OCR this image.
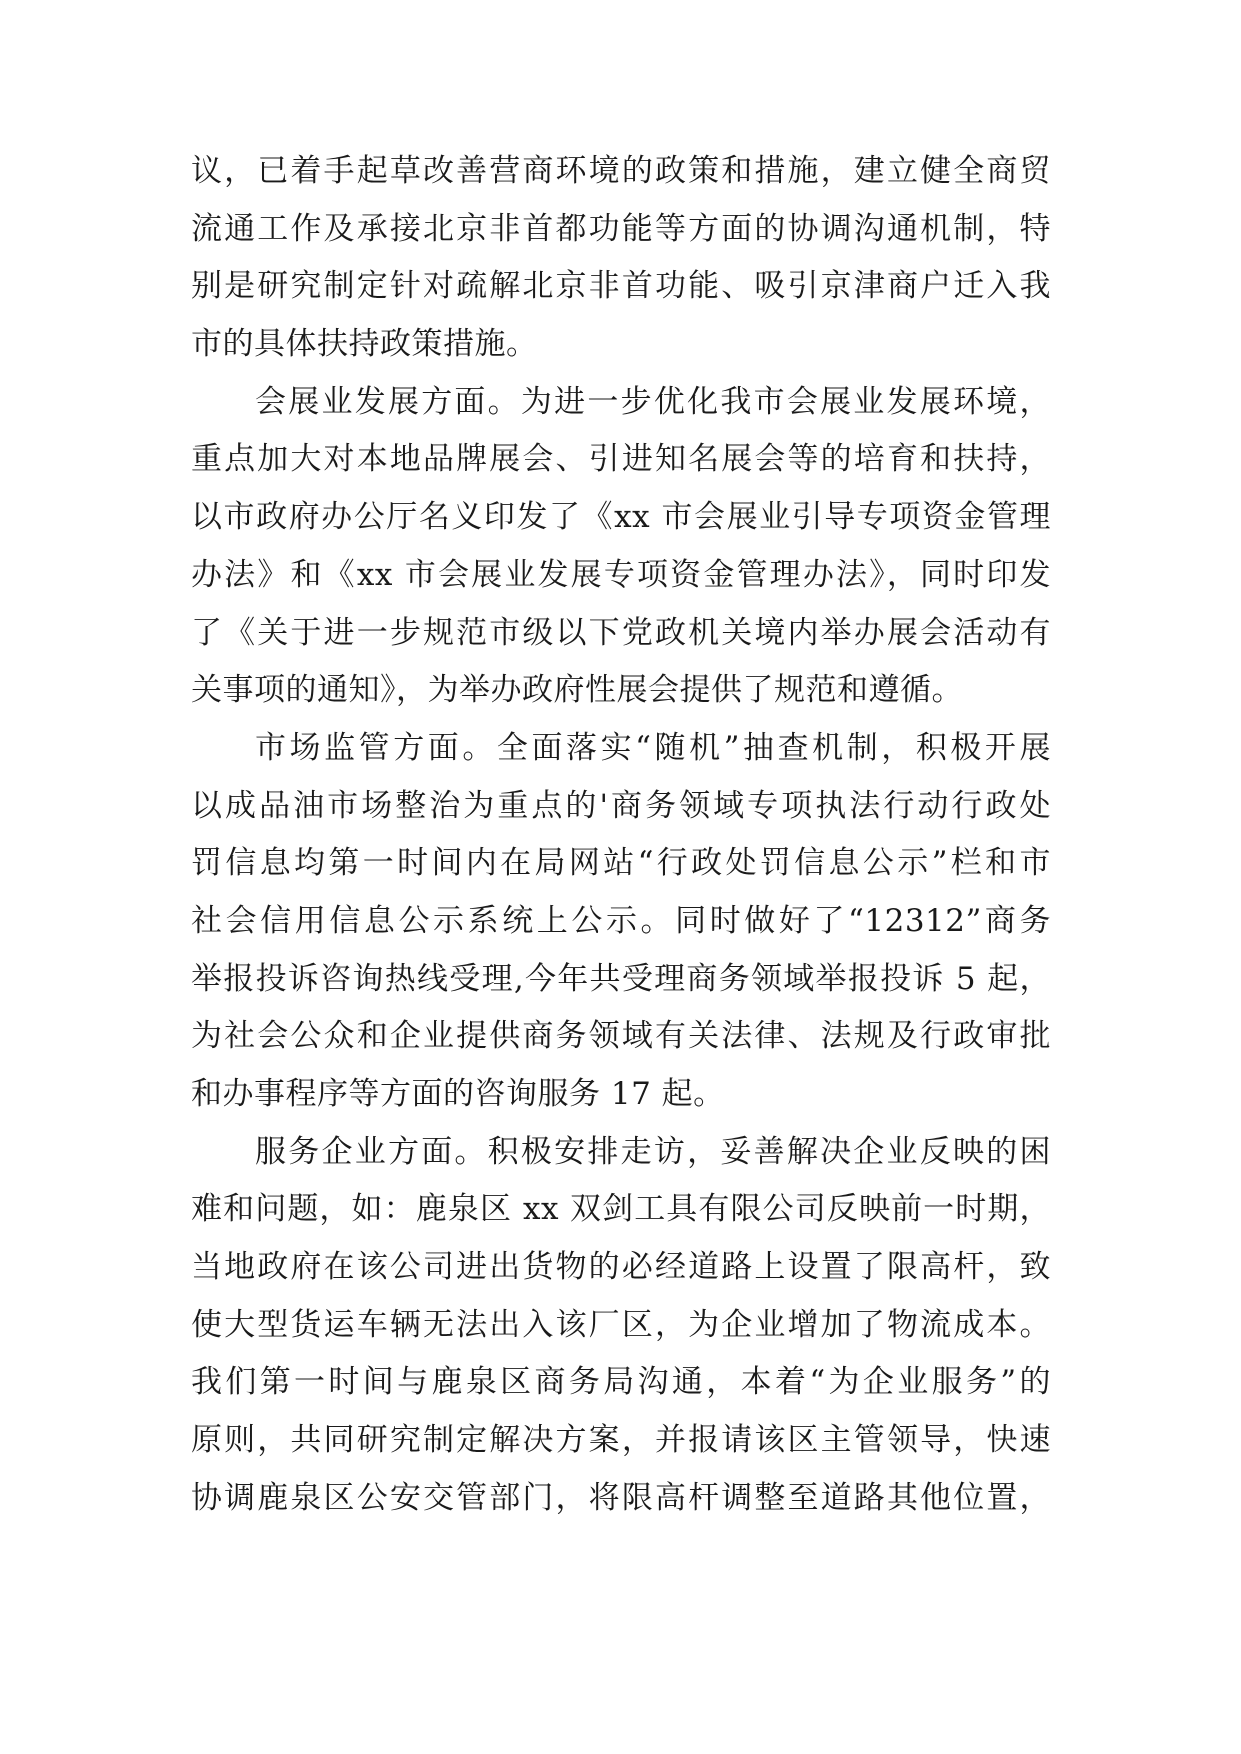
议，已着手起草改善营商环境的政策和措施，建立健全商贸
流通工作及承接北京非首都功能等方面的协调沟通机制，特
别是研究制定针对疏解北京非首功能、吸引京津商户迁入我
市的具体扶持政策措施。
会展业发展方面。为进一步优化我市会展业发展环境，
重点加大对本地品牌展会、引进知名展会等的培育和扶持，
以市政府办公厅名义印发了《xx 市会展业引导专项资金管理
办法》和《xx 市会展业发展专项资金管理办法》，同时印发
了《关于进一步规范市级以下党政机关境内举办展会活动有
关事项的通知》，为举办政府性展会提供了规范和遵循。
市场监管方面。全面落实“随机”抽查机制，积极开展
以成品油市场整治为重点的'商务领域专项执法行动行政处
罚信息均第一时间内在局网站“行政处罚信息公示”栏和市
社会信用信息公示系统上公示。同时做好了“12312”商务
举报投诉咨询热线受理,今年共受理商务领域举报投诉 5 起，
为社会公众和企业提供商务领域有关法律、法规及行政审批
和办事程序等方面的咨询服务 17 起。
服务企业方面。积极安排走访，妥善解决企业反映的困
难和问题，如：鹿泉区 xx 双剑工具有限公司反映前一时期，
当地政府在该公司进出货物的必经道路上设置了限高杆，致
使大型货运车辆无法出入该厂区，为企业增加了物流成本。
我们第一时间与鹿泉区商务局沟通，本着“为企业服务”的
原则，共同研究制定解决方案，并报请该区主管领导，快速
协调鹿泉区公安交管部门，将限高杆调整至道路其他位置，
